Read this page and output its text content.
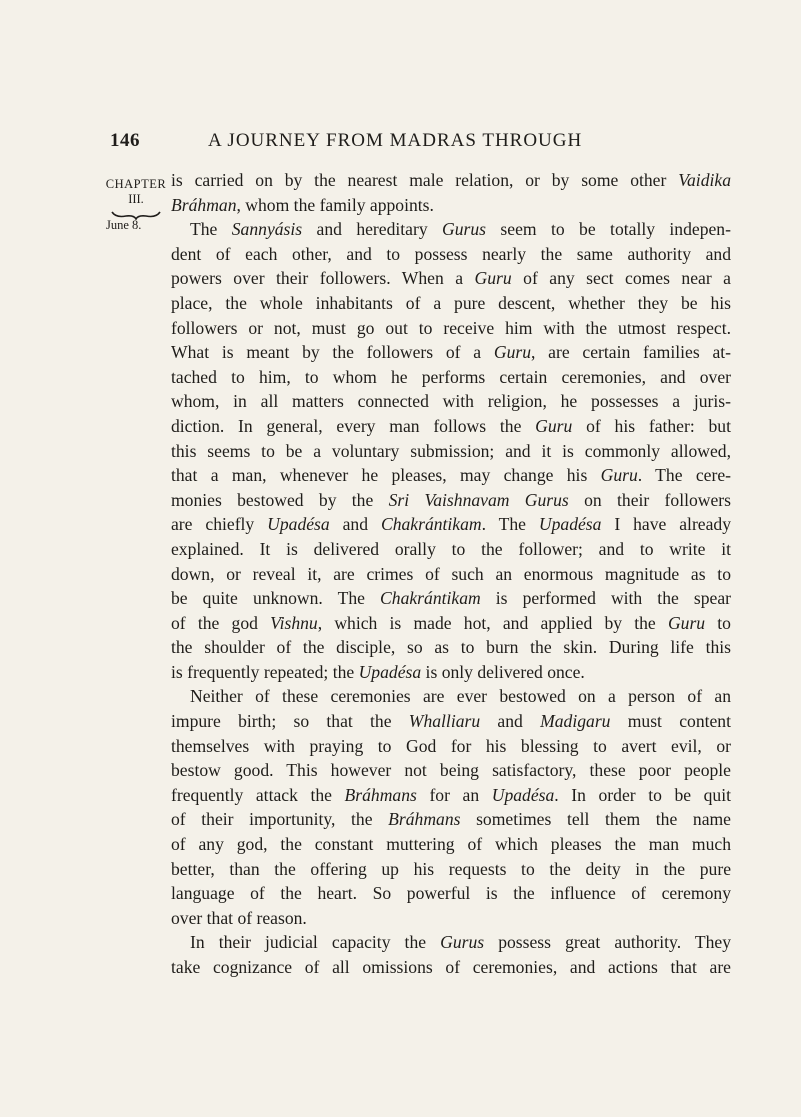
146	A JOURNEY FROM MADRAS THROUGH
CHAPTER
III.
June 8.
is carried on by the nearest male relation, or by some other Vaidika
Bráhman, whom the family appoints.
The Sannyásis and hereditary Gurus seem to be totally indepen-
dent of each other, and to possess nearly the same authority and
powers over their followers. When a Guru of any sect comes near a
place, the whole inhabitants of a pure descent, whether they be his
followers or not, must go out to receive him with the utmost respect.
What is meant by the followers of a Guru, are certain families at-
tached to him, to whom he performs certain ceremonies, and over
whom, in all matters connected with religion, he possesses a juris-
diction. In general, every man follows the Guru of his father: but
this seems to be a voluntary submission; and it is commonly allowed,
that a man, whenever he pleases, may change his Guru. The cere-
monies bestowed by the Sri Vaishnavam Gurus on their followers
are chiefly Upadésa and Chakrántikam. The Upadésa I have already
explained. It is delivered orally to the follower; and to write it
down, or reveal it, are crimes of such an enormous magnitude as to
be quite unknown. The Chakrántikam is performed with the spear
of the god Vishnu, which is made hot, and applied by the Guru to
the shoulder of the disciple, so as to burn the skin. During life this
is frequently repeated; the Upadésa is only delivered once.
Neither of these ceremonies are ever bestowed on a person of an
impure birth; so that the Whalliaru and Madigaru must content
themselves with praying to God for his blessing to avert evil, or
bestow good. This however not being satisfactory, these poor people
frequently attack the Bráhmans for an Upadésa. In order to be quit
of their importunity, the Bráhmans sometimes tell them the name
of any god, the constant muttering of which pleases the man much
better, than the offering up his requests to the deity in the pure
language of the heart. So powerful is the influence of ceremony
over that of reason.
In their judicial capacity the Gurus possess great authority. They
take cognizance of all omissions of ceremonies, and actions that are
